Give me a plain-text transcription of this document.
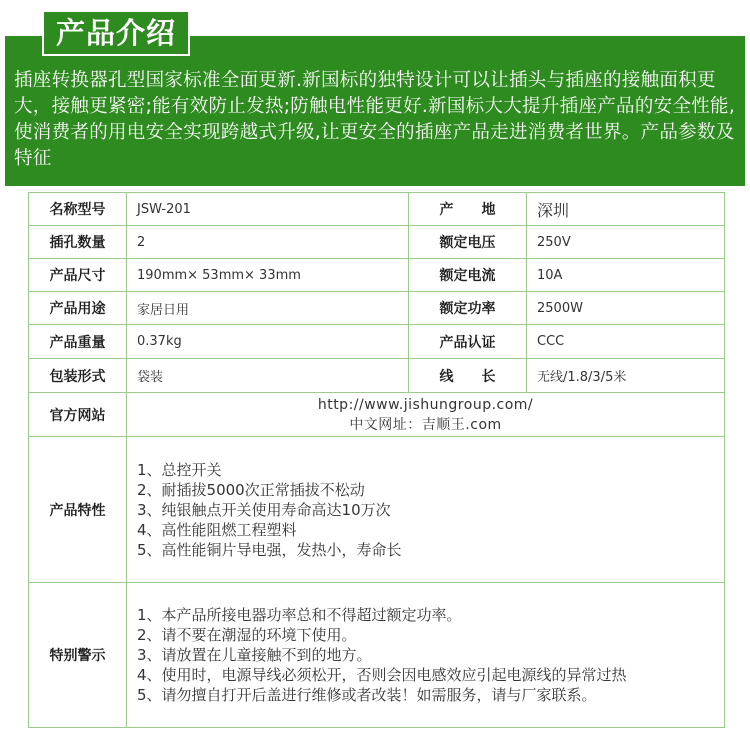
产品介绍
插座转换器孔型国家标准全面更新.新国标的独特设计可以让插头与插座的接触面积更大，接触更紧密;能有效防止发热;防触电性能更好.新国标大大提升插座产品的安全性能,使消费者的用电安全实现跨越式升级,让更安全的插座产品走进消费者世界。产品参数及特征
名称型号	JSW-201	产　　地	深圳
插孔数量	2	额定电压	250V
产品尺寸	190mm× 53mm× 33mm	额定电流	10A
产品用途	家居日用	额定功率	2500W
产品重量	0.37kg	产品认证	CCC
包装形式	袋装	线　　长	无线/1.8/3/5米
官方网站	http://www.jishungroup.com/
中文网址：吉顺王.com		

产品特性	1、总控开关
2、耐插拔5000次正常插拔不松动
3、纯银触点开关使用寿命高达10万次
4、高性能阻燃工程塑料
5、高性能铜片导电强，发热小，寿命长		

特别警示	1、本产品所接电器功率总和不得超过额定功率。
2、请不要在潮湿的环境下使用。
3、请放置在儿童接触不到的地方。
4、使用时，电源导线必须松开，否则会因电感效应引起电源线的异常过热
5、请勿擅自打开后盖进行维修或者改装！如需服务，请与厂家联系。		
